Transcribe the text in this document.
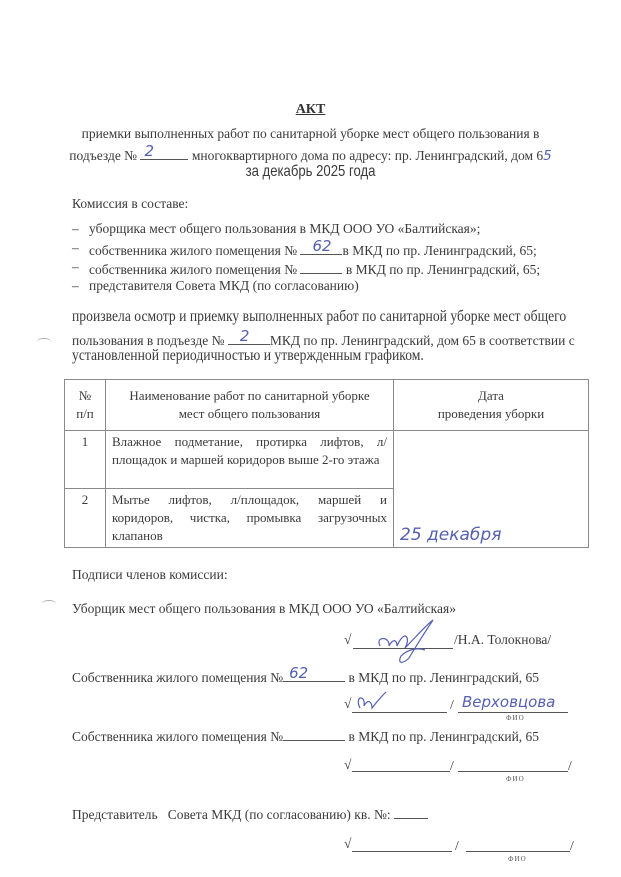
АКТ
приемки выполненных работ по санитарной уборке мест общего пользования в
подъезде № 2	многоквартирного дома по адресу: пр. Ленинградский, дом 65
за декабрь 2025 года
Комиссия в составе:
– уборщика мест общего пользования в МКД ООО УО «Балтийская»;
– собственника жилого помещения № 62 в МКД по пр. Ленинградский, 65;
– собственника жилого помещения №	в МКД по пр. Ленинградский, 65;
– представителя Совета МКД (по согласованию)
произвела осмотр и приемку выполненных работ по санитарной уборке мест общего
пользования в подъезде № 2 МКД по пр. Ленинградский, дом 65 в соответствии с
установленной периодичностью и утвержденным графиком.
№
п/п	Наименование работ по санитарной уборке
мест общего пользования	Дата
проведения уборки
1	Влажное подметание, протирка лифтов, л/площадок и маршей коридоров выше 2-го этажа	25 декабря
2	Мытье лифтов, л/площадок, маршей и коридоров, чистка, промывка загрузочных клапанов	
Подписи членов комиссии:
Уборщик мест общего пользования в МКД ООО УО «Балтийская»
√	/Н.А. Толокнова/
Собственника жилого помещения № 62	в МКД по пр. Ленинградский, 65
√	/ Верховцова
ФИО
Собственника жилого помещения №	в МКД по пр. Ленинградский, 65
√	/	/
ФИО
Представитель   Совета МКД (по согласованию) кв. №:
√	/	/
ФИО
